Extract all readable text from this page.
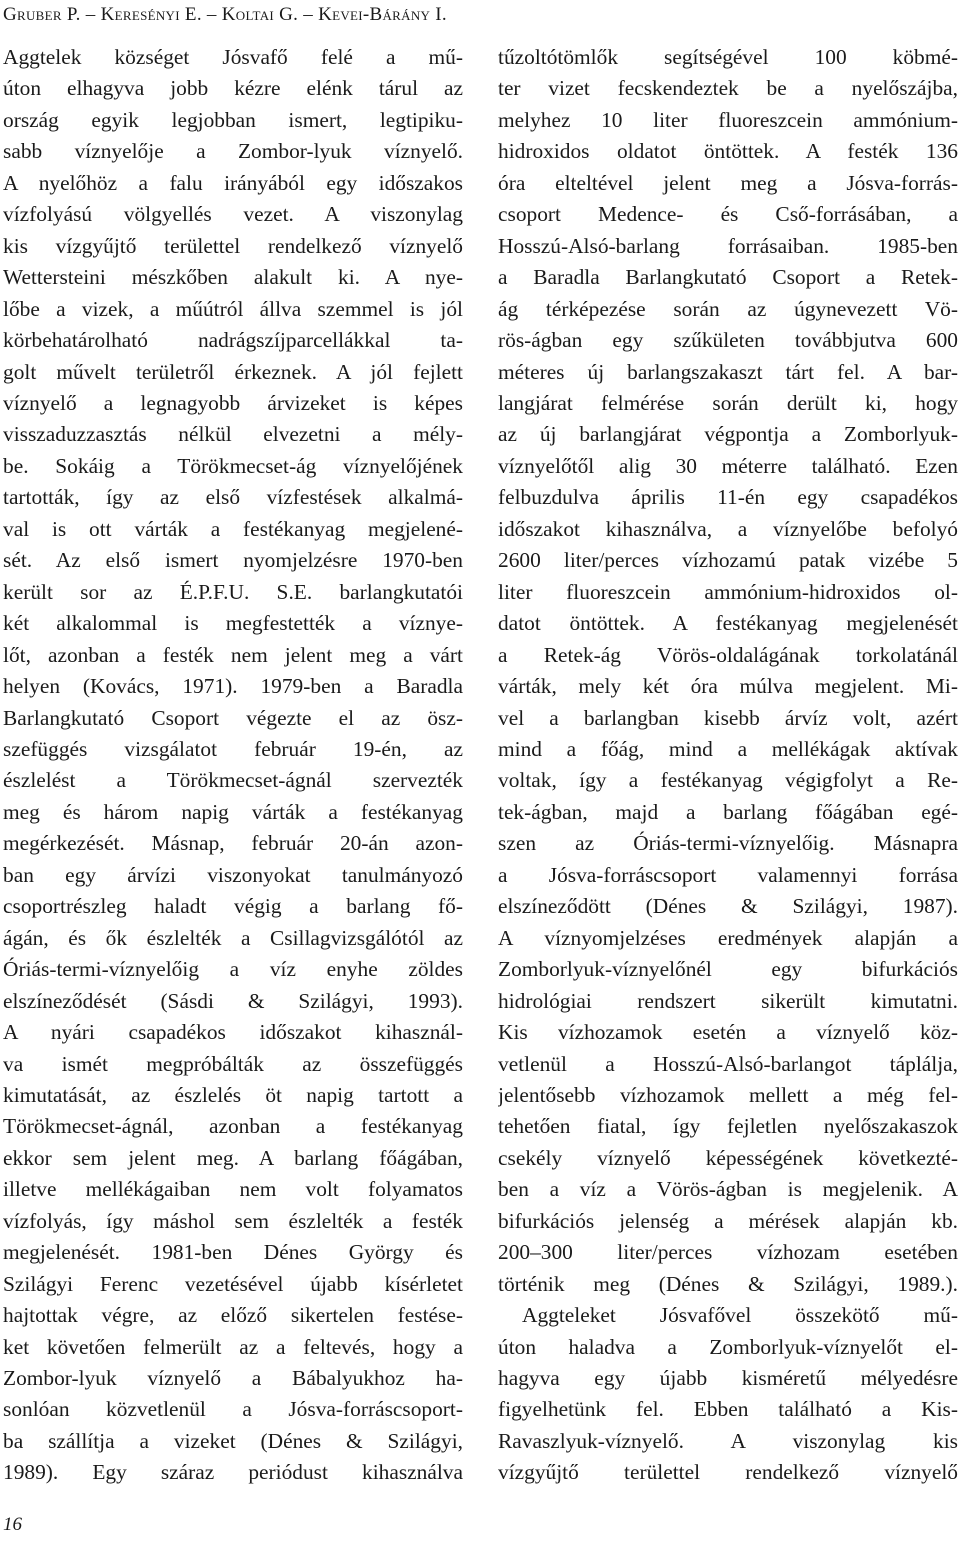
Gruber P. – Keresényi E. – Koltai G. – Kevei-Bárány I.

Aggtelek községet Jósvafő felé a mű-
úton elhagyva jobb kézre elénk tárul az
ország egyik legjobban ismert, legtipiku-
sabb víznyelője a Zombor-lyuk víznyelő.
A nyelőhöz a falu irányából egy időszakos
vízfolyású völgyellés vezet. A viszonylag
kis vízgyűjtő területtel rendelkező víznyelő
Wettersteini mészkőben alakult ki. A nye-
lőbe a vizek, a műútról állva szemmel is jól
körbehatárolható nadrágszíjparcellákkal ta-
golt művelt területről érkeznek. A jól fejlett
víznyelő a legnagyobb árvizeket is képes
visszaduzzasztás nélkül elvezetni a mély-
be. Sokáig a Törökmecset-ág víznyelőjének
tartották, így az első vízfestések alkalmá-
val is ott várták a festékanyag megjelené-
sét. Az első ismert nyomjelzésre 1970-ben
került sor az É.P.F.U. S.E. barlangkutatói
két alkalommal is megfestették a víznye-
lőt, azonban a festék nem jelent meg a várt
helyen (Kovács, 1971). 1979-ben a Baradla
Barlangkutató Csoport végezte el az ösz-
szefüggés vizsgálatot február 19-én, az
észlelést a Törökmecset-ágnál szervezték
meg és három napig várták a festékanyag
megérkezését. Másnap, február 20-án azon-
ban egy árvízi viszonyokat tanulmányozó
csoportrészleg haladt végig a barlang fő-
ágán, és ők észlelték a Csillagvizsgálótól az
Óriás-termi-víznyelőig a víz enyhe zöldes
elszíneződését (Sásdi & Szilágyi, 1993).
A nyári csapadékos időszakot kihasznál-
va ismét megpróbálták az összefüggés
kimutatását, az észlelés öt napig tartott a
Törökmecset-ágnál, azonban a festékanyag
ekkor sem jelent meg. A barlang főágában,
illetve mellékágaiban nem volt folyamatos
vízfolyás, így máshol sem észlelték a festék
megjelenését. 1981-ben Dénes György és
Szilágyi Ferenc vezetésével újabb kísérletet
hajtottak végre, az előző sikertelen festése-
ket követően felmerült az a feltevés, hogy a
Zombor-lyuk víznyelő a Bábalyukhoz ha-
sonlóan közvetlenül a Jósva-forráscsoport-
ba szállítja a vizeket (Dénes & Szilágyi,
1989). Egy száraz periódust kihasználva

tűzoltótömlők segítségével 100 köbmé-
ter vizet fecskendeztek be a nyelőszájba,
melyhez 10 liter fluoreszcein ammónium-
hidroxidos oldatot öntöttek. A festék 136
óra elteltével jelent meg a Jósva-forrás-
csoport Medence- és Cső-forrásában, a
Hosszú-Alsó-barlang forrásaiban. 1985-ben
a Baradla Barlangkutató Csoport a Retek-
ág térképezése során az úgynevezett Vö-
rös-ágban egy szűkületen továbbjutva 600
méteres új barlangszakaszt tárt fel. A bar-
langjárat felmérése során derült ki, hogy
az új barlangjárat végpontja a Zomborlyuk-
víznyelőtől alig 30 méterre található. Ezen
felbuzdulva április 11-én egy csapadékos
időszakot kihasználva, a víznyelőbe befolyó
2600 liter/perces vízhozamú patak vizébe 5
liter fluoreszcein ammónium-hidroxidos ol-
datot öntöttek. A festékanyag megjelenését
a Retek-ág Vörös-oldalágának torkolatánál
várták, mely két óra múlva megjelent. Mi-
vel a barlangban kisebb árvíz volt, azért
mind a főág, mind a mellékágak aktívak
voltak, így a festékanyag végigfolyt a Re-
tek-ágban, majd a barlang főágában egé-
szen az Óriás-termi-víznyelőig. Másnapra
a Jósva-forráscsoport valamennyi forrása
elszíneződött (Dénes & Szilágyi, 1987).
A víznyomjelzéses eredmények alapján a
Zomborlyuk-víznyelőnél egy bifurkációs
hidrológiai rendszert sikerült kimutatni.
Kis vízhozamok esetén a víznyelő köz-
vetlenül a Hosszú-Alsó-barlangot táplálja,
jelentősebb vízhozamok mellett a még fel-
tehetően fiatal, így fejletlen nyelőszakaszok
csekély víznyelő képességének következté-
ben a víz a Vörös-ágban is megjelenik. A
bifurkációs jelenség a mérések alapján kb.
200–300 liter/perces vízhozam esetében
történik meg (Dénes & Szilágyi, 1989.).

Aggteleket Jósvafővel összekötő mű-
úton haladva a Zomborlyuk-víznyelőt el-
hagyva egy újabb kisméretű mélyedésre
figyelhetünk fel. Ebben található a Kis-
Ravaszlyuk-víznyelő. A viszonylag kis
vízgyűjtő területtel rendelkező víznyelő

16
